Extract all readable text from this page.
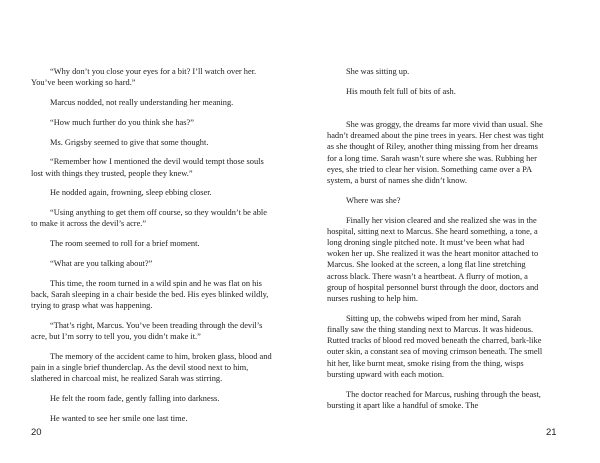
“Why don’t you close your eyes for a bit? I’ll watch over her. You’ve been working so hard.”

Marcus nodded, not really understanding her meaning.

“How much further do you think she has?”

Ms. Grigsby seemed to give that some thought.

“Remember how I mentioned the devil would tempt those souls lost with things they trusted, people they knew.”

He nodded again, frowning, sleep ebbing closer.

“Using anything to get them off course, so they wouldn’t be able to make it across the devil’s acre.”

The room seemed to roll for a brief moment.

“What are you talking about?”

This time, the room turned in a wild spin and he was flat on his back, Sarah sleeping in a chair beside the bed. His eyes blinked wildly, trying to grasp what was happening.

“That’s right, Marcus. You’ve been treading through the devil’s acre, but I’m sorry to tell you, you didn’t make it.”

The memory of the accident came to him, broken glass, blood and pain in a single brief thunderclap. As the devil stood next to him, slathered in charcoal mist, he realized Sarah was stirring.

He felt the room fade, gently falling into darkness.

He wanted to see her smile one last time.

20

She was sitting up.

His mouth felt full of bits of ash.

She was groggy, the dreams far more vivid than usual. She hadn’t dreamed about the pine trees in years. Her chest was tight as she thought of Riley, another thing missing from her dreams for a long time. Sarah wasn’t sure where she was. Rubbing her eyes, she tried to clear her vision. Something came over a PA system, a burst of names she didn’t know.

Where was she?

Finally her vision cleared and she realized she was in the hospital, sitting next to Marcus. She heard something, a tone, a long droning single pitched note. It must’ve been what had woken her up. She realized it was the heart monitor attached to Marcus. She looked at the screen, a long flat line stretching across black. There wasn’t a heartbeat. A flurry of motion, a group of hospital personnel burst through the door, doctors and nurses rushing to help him.

Sitting up, the cobwebs wiped from her mind, Sarah finally saw the thing standing next to Marcus. It was hideous. Rutted tracks of blood red moved beneath the charred, bark-like outer skin, a constant sea of moving crimson beneath. The smell hit her, like burnt meat, smoke rising from the thing, wisps bursting upward with each motion.

The doctor reached for Marcus, rushing through the beast, bursting it apart like a handful of smoke. The

21
